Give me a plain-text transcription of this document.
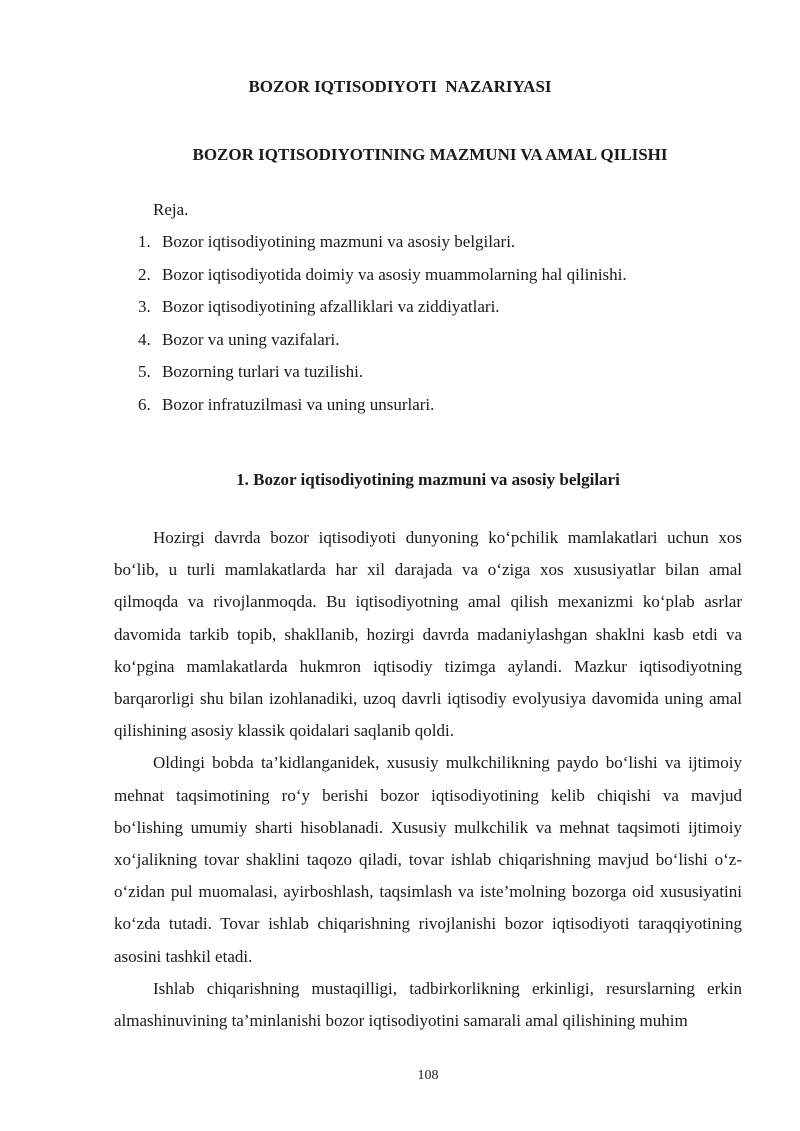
BOZOR IQTISODIYOTI  NAZARIYASI
BOZOR IQTISODIYOTINING MAZMUNI VA AMAL QILISHI
Reja.
1. Bozor iqtisodiyotining mazmuni va asosiy belgilari.
2. Bozor iqtisodiyotida doimiy va asosiy muammolarning hal qilinishi.
3. Bozor iqtisodiyotining afzalliklari va ziddiyatlari.
4. Bozor va uning vazifalari.
5. Bozorning turlari va tuzilishi.
6. Bozor infratuzilmasi va uning unsurlari.
1. Bozor iqtisodiyotining mazmuni va asosiy belgilari

Hozirgi davrda bozor iqtisodiyoti dunyoning ko‘pchilik mamlakatlari uchun xos bo‘lib, u turli mamlakatlarda har xil darajada va o‘ziga xos xususiyatlar bilan amal qilmoqda va rivojlanmoqda. Bu iqtisodiyotning amal qilish mexanizmi ko‘plab asrlar davomida tarkib topib, shakllanib, hozirgi davrda madaniylashgan shaklni kasb etdi va ko‘pgina mamlakatlarda hukmron iqtisodiy tizimga aylandi. Mazkur iqtisodiyotning barqarorligi shu bilan izohlanadiki, uzoq davrli iqtisodiy evolyusiya davomida uning amal qilishining asosiy klassik qoidalari saqlanib qoldi.

Oldingi bobda ta’kidlanganidek, xususiy mulkchilikning paydo bo‘lishi va ijtimoiy mehnat taqsimotining ro‘y berishi bozor iqtisodiyotining kelib chiqishi va mavjud bo‘lishing umumiy sharti hisoblanadi. Xususiy mulkchilik va mehnat taqsimoti ijtimoiy xo‘jalikning tovar shaklini taqozo qiladi, tovar ishlab chiqarishning mavjud bo‘lishi o‘z-o‘zidan pul muomalasi, ayirboshlash, taqsimlash va iste’molning bozorga oid xususiyatini ko‘zda tutadi. Tovar ishlab chiqarishning rivojlanishi bozor iqtisodiyoti taraqqiyotining asosini tashkil etadi.

Ishlab chiqarishning mustaqilligi, tadbirkorlikning erkinligi, resurslarning erkin almashinuvining ta’minlanishi bozor iqtisodiyotini samarali amal qilishining muhim

108
